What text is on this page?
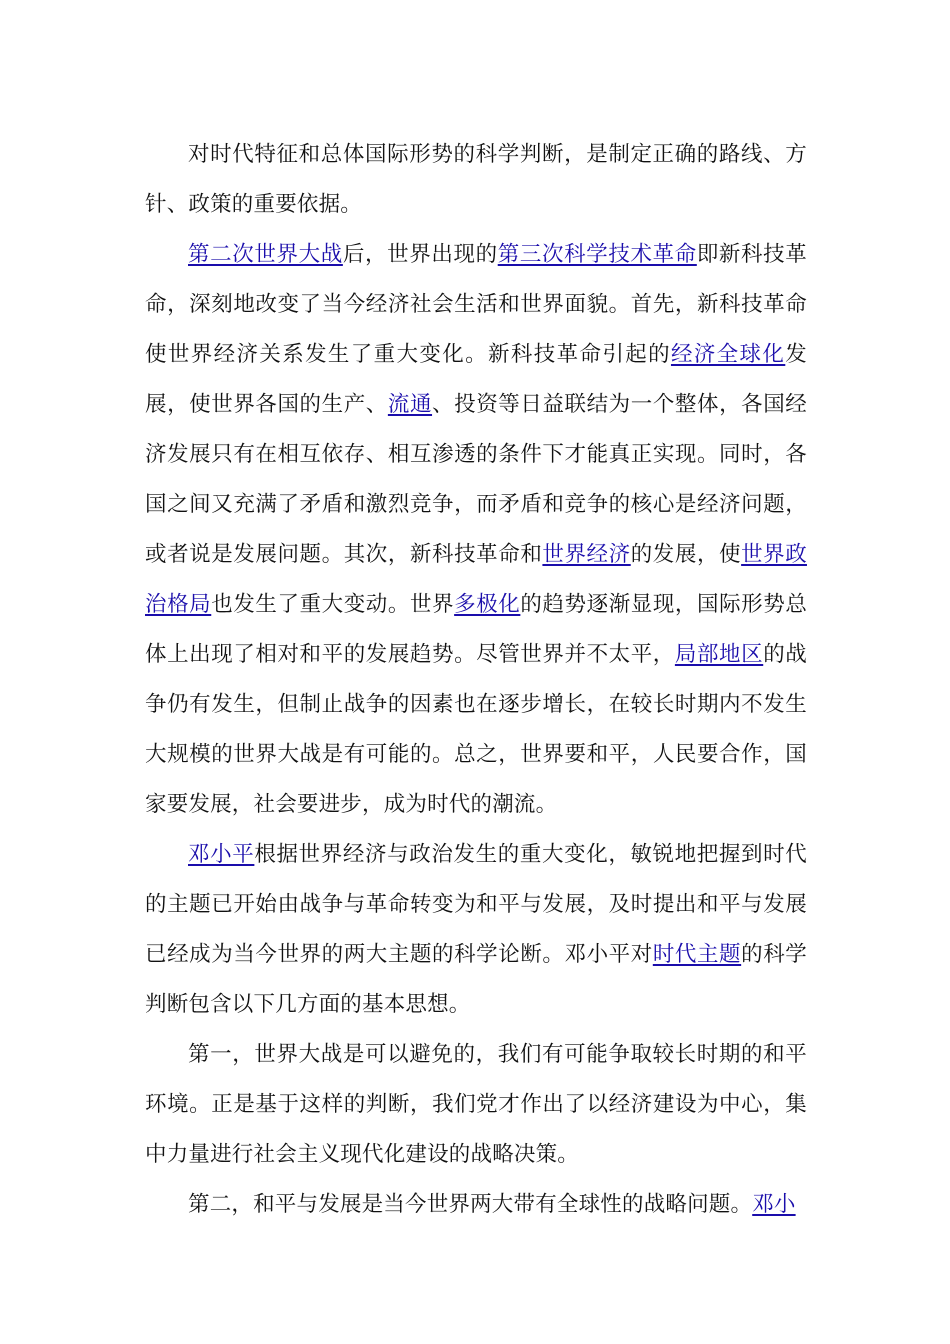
对时代特征和总体国际形势的科学判断，是制定正确的路线、方针、政策的重要依据。

第二次世界大战后，世界出现的第三次科学技术革命即新科技革命，深刻地改变了当今经济社会生活和世界面貌。首先，新科技革命使世界经济关系发生了重大变化。新科技革命引起的经济全球化发展，使世界各国的生产、流通、投资等日益联结为一个整体，各国经济发展只有在相互依存、相互渗透的条件下才能真正实现。同时，各国之间又充满了矛盾和激烈竞争，而矛盾和竞争的核心是经济问题，或者说是发展问题。其次，新科技革命和世界经济的发展，使世界政治格局也发生了重大变动。世界多极化的趋势逐渐显现，国际形势总体上出现了相对和平的发展趋势。尽管世界并不太平，局部地区的战争仍有发生，但制止战争的因素也在逐步增长，在较长时期内不发生大规模的世界大战是有可能的。总之，世界要和平，人民要合作，国家要发展，社会要进步，成为时代的潮流。

邓小平根据世界经济与政治发生的重大变化，敏锐地把握到时代的主题已开始由战争与革命转变为和平与发展，及时提出和平与发展已经成为当今世界的两大主题的科学论断。邓小平对时代主题的科学判断包含以下几方面的基本思想。

第一，世界大战是可以避免的，我们有可能争取较长时期的和平环境。正是基于这样的判断，我们党才作出了以经济建设为中心，集中力量进行社会主义现代化建设的战略决策。

第二，和平与发展是当今世界两大带有全球性的战略问题。邓小
